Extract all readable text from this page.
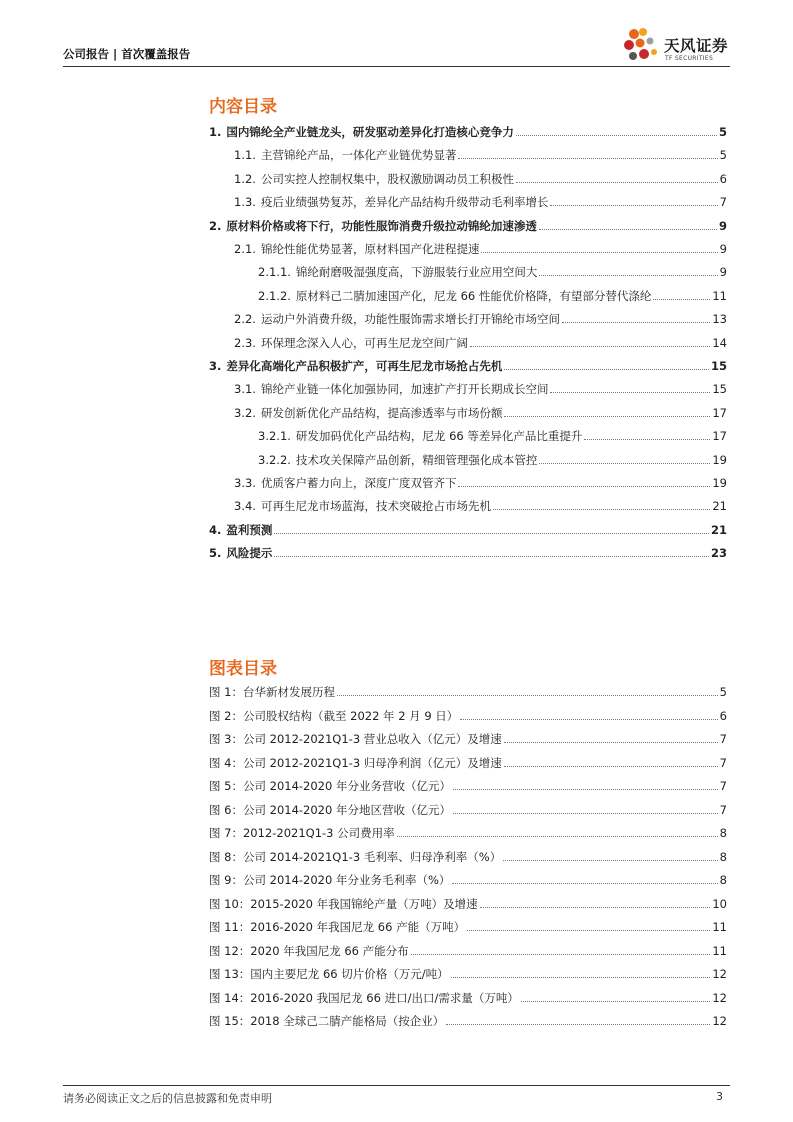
公司报告 | 首次覆盖报告	天风证券
TF SECURITIES
内容目录
1. 国内锦纶全产业链龙头，研发驱动差异化打造核心竞争力	5
1.1. 主营锦纶产品，一体化产业链优势显著	5
1.2. 公司实控人控制权集中，股权激励调动员工积极性	6
1.3. 疫后业绩强势复苏，差异化产品结构升级带动毛利率增长	7
2. 原材料价格或将下行，功能性服饰消费升级拉动锦纶加速渗透	9
2.1. 锦纶性能优势显著，原材料国产化进程提速	9
2.1.1. 锦纶耐磨吸湿强度高，下游服装行业应用空间大	9
2.1.2. 原材料己二腈加速国产化，尼龙 66 性能优价格降，有望部分替代涤纶	11
2.2. 运动户外消费升级，功能性服饰需求增长打开锦纶市场空间	13
2.3. 环保理念深入人心，可再生尼龙空间广阔	14
3. 差异化高端化产品积极扩产，可再生尼龙市场抢占先机	15
3.1. 锦纶产业链一体化加强协同，加速扩产打开长期成长空间	15
3.2. 研发创新优化产品结构，提高渗透率与市场份额	17
3.2.1. 研发加码优化产品结构，尼龙 66 等差异化产品比重提升	17
3.2.2. 技术攻关保障产品创新，精细管理强化成本管控	19
3.3. 优质客户蓄力向上，深度广度双管齐下	19
3.4. 可再生尼龙市场蓝海，技术突破抢占市场先机	21
4. 盈利预测	21
5. 风险提示	23
图表目录
图 1：台华新材发展历程	5
图 2：公司股权结构（截至 2022 年 2 月 9 日）	6
图 3：公司 2012-2021Q1-3 营业总收入（亿元）及增速	7
图 4：公司 2012-2021Q1-3 归母净利润（亿元）及增速	7
图 5：公司 2014-2020 年分业务营收（亿元）	7
图 6：公司 2014-2020 年分地区营收（亿元）	7
图 7：2012-2021Q1-3 公司费用率	8
图 8：公司 2014-2021Q1-3 毛利率、归母净利率（%）	8
图 9：公司 2014-2020 年分业务毛利率（%）	8
图 10：2015-2020 年我国锦纶产量（万吨）及增速	10
图 11：2016-2020 年我国尼龙 66 产能（万吨）	11
图 12：2020 年我国尼龙 66 产能分布	11
图 13：国内主要尼龙 66 切片价格（万元/吨）	12
图 14：2016-2020 我国尼龙 66 进口/出口/需求量（万吨）	12
图 15：2018 全球己二腈产能格局（按企业）	12
请务必阅读正文之后的信息披露和免责申明	3
